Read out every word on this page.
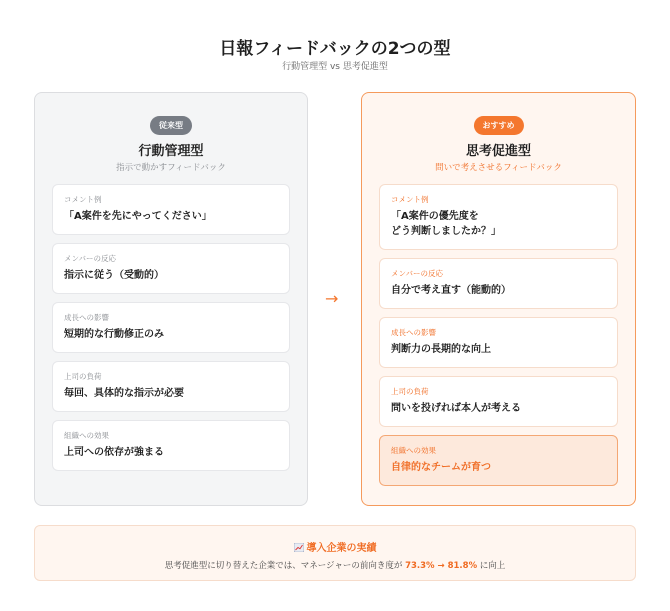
日報フィードバックの2つの型
行動管理型 vs 思考促進型
従来型
行動管理型
指示で動かすフィードバック
コメント例
「A案件を先にやってください」
メンバーの反応
指示に従う（受動的）
成長への影響
短期的な行動修正のみ
上司の負荷
毎回、具体的な指示が必要
組織への効果
上司への依存が強まる
→
おすすめ
思考促進型
問いで考えさせるフィードバック
コメント例
「A案件の優先度を
どう判断しましたか？」
メンバーの反応
自分で考え直す（能動的）
成長への影響
判断力の長期的な向上
上司の負荷
問いを投げれば本人が考える
組織への効果
自律的なチームが育つ
導入企業の実績
思考促進型に切り替えた企業では、マネージャーの前向き度が 73.3% → 81.8% に向上
